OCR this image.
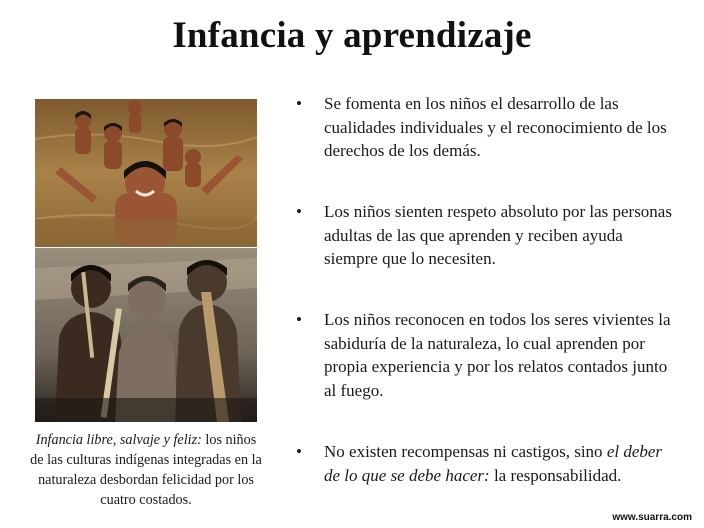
Infancia y aprendizaje
Infancia libre, salvaje y feliz: los niños de las culturas indígenas integradas en la naturaleza desbordan felicidad por los cuatro costados.
• Se fomenta en los niños el desarrollo de las cualidades individuales y el reconocimiento de los derechos de los demás.
• Los niños sienten respeto absoluto por las personas adultas de las que aprenden y reciben ayuda siempre que lo necesiten.
• Los niños reconocen en todos los seres vivientes la sabiduría de la naturaleza, lo cual aprenden por propia experiencia y por los relatos contados junto al fuego.
• No existen recompensas ni castigos, sino el deber de lo que se debe hacer: la responsabilidad.
www.suarra.com
